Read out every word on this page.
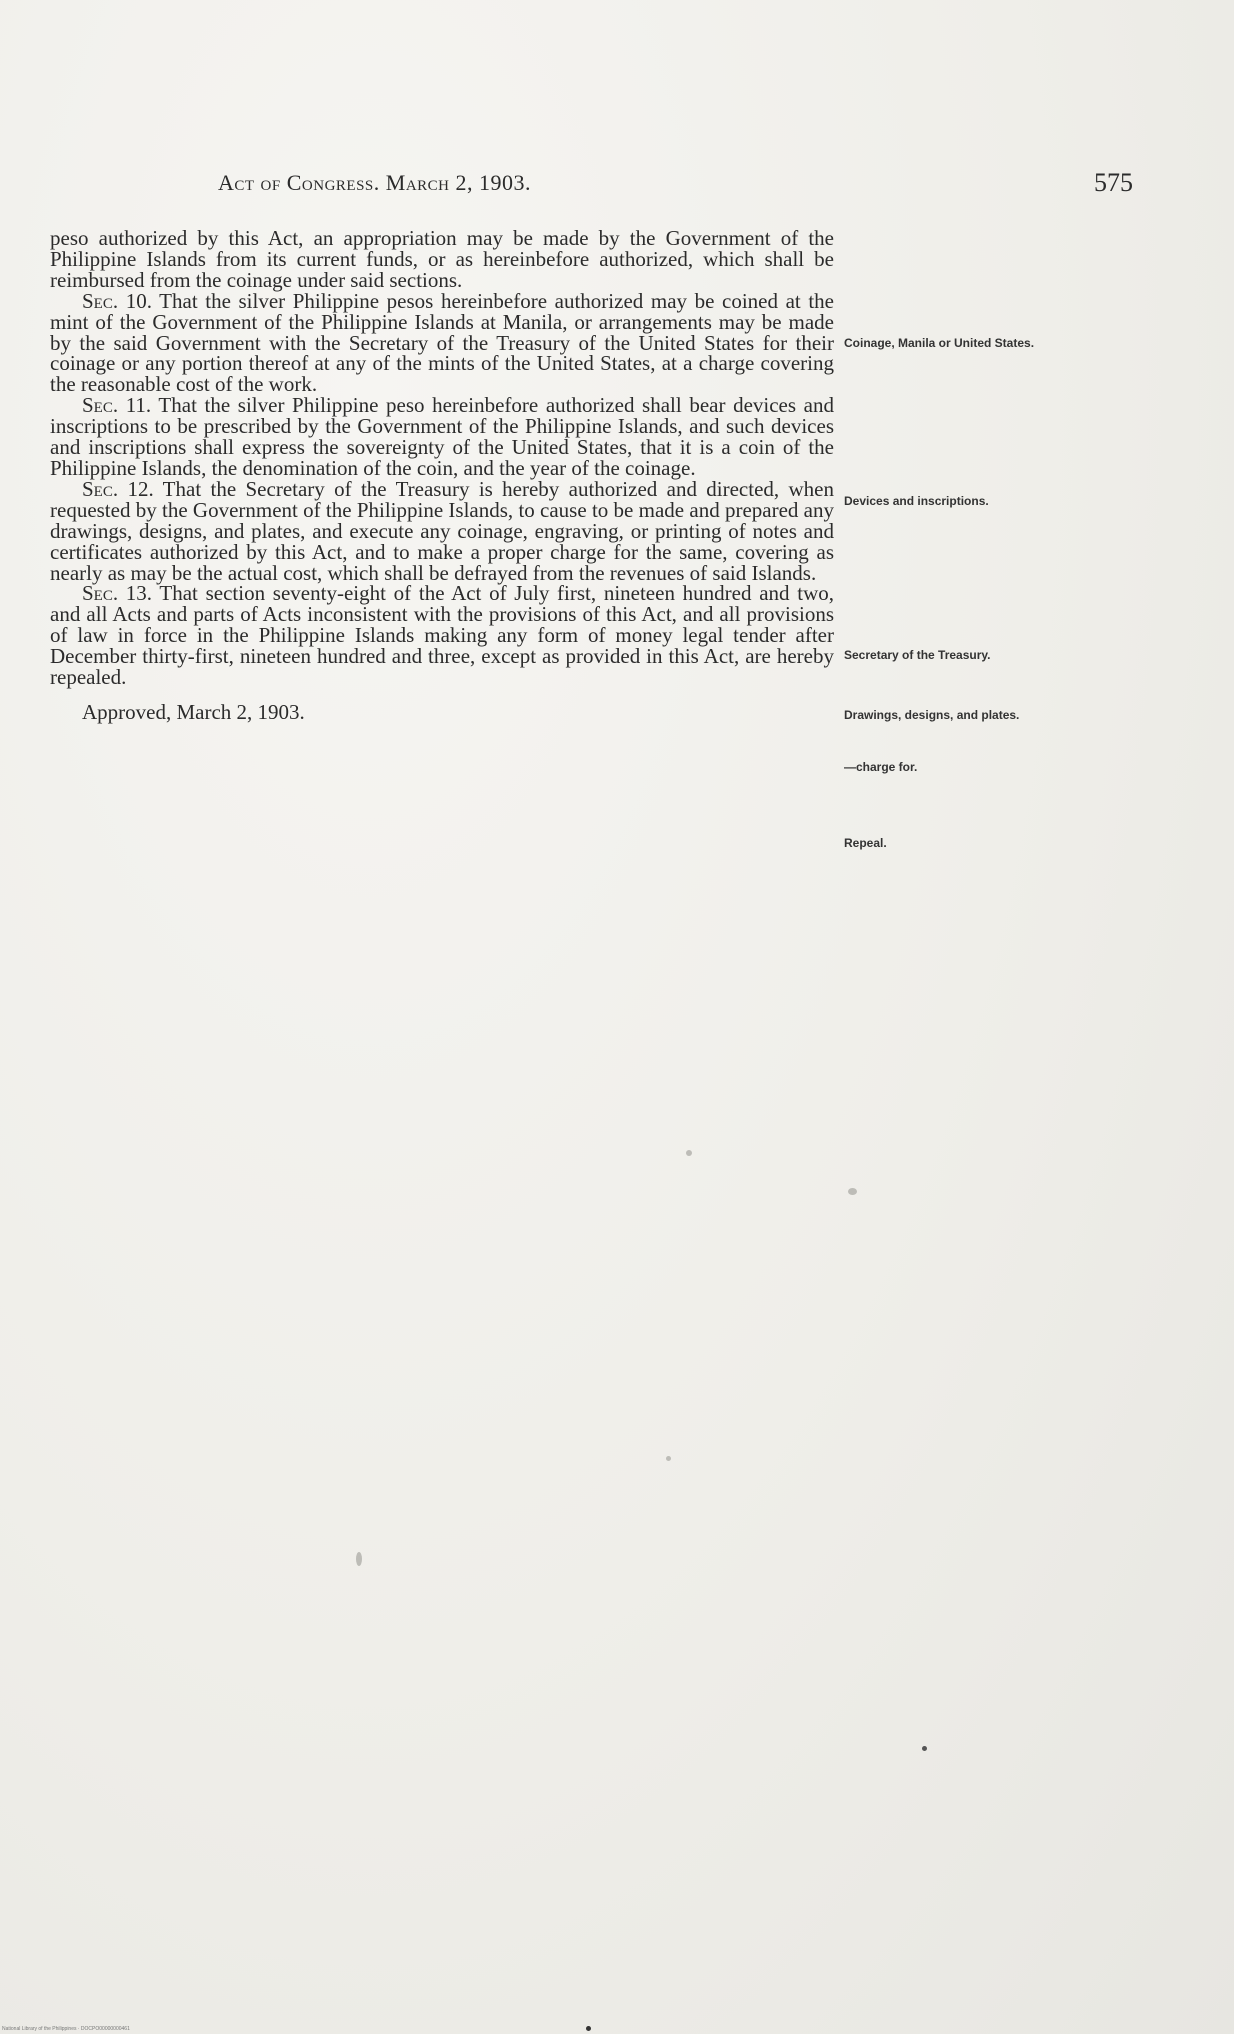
Act of Congress. March 2, 1903.	575

peso authorized by this Act, an appropriation may be made by the Government of the Philippine Islands from its current funds, or as hereinbefore authorized, which shall be reimbursed from the coinage under said sections.

Sec. 10. That the silver Philippine pesos hereinbefore authorized may be coined at the mint of the Government of the Philippine Islands at Manila, or arrangements may be made by the said Government with the Secretary of the Treasury of the United States for their coinage or any portion thereof at any of the mints of the United States, at a charge covering the reasonable cost of the work.

Sec. 11. That the silver Philippine peso hereinbefore authorized shall bear devices and inscriptions to be prescribed by the Government of the Philippine Islands, and such devices and inscriptions shall express the sovereignty of the United States, that it is a coin of the Philippine Islands, the denomination of the coin, and the year of the coinage.

Sec. 12. That the Secretary of the Treasury is hereby authorized and directed, when requested by the Government of the Philippine Islands, to cause to be made and prepared any drawings, designs, and plates, and execute any coinage, engraving, or printing of notes and certificates authorized by this Act, and to make a proper charge for the same, covering as nearly as may be the actual cost, which shall be defrayed from the revenues of said Islands.

Sec. 13. That section seventy-eight of the Act of July first, nineteen hundred and two, and all Acts and parts of Acts inconsistent with the provisions of this Act, and all provisions of law in force in the Philippine Islands making any form of money legal tender after December thirty-first, nineteen hundred and three, except as provided in this Act, are hereby repealed.

Approved, March 2, 1903.

Coinage, Manila or United States.
Devices and inscriptions.
Secretary of the Treasury.
Drawings, designs, and plates.
—charge for.
Repeal.
National Library of the Philippines · DOCPO00000000461
